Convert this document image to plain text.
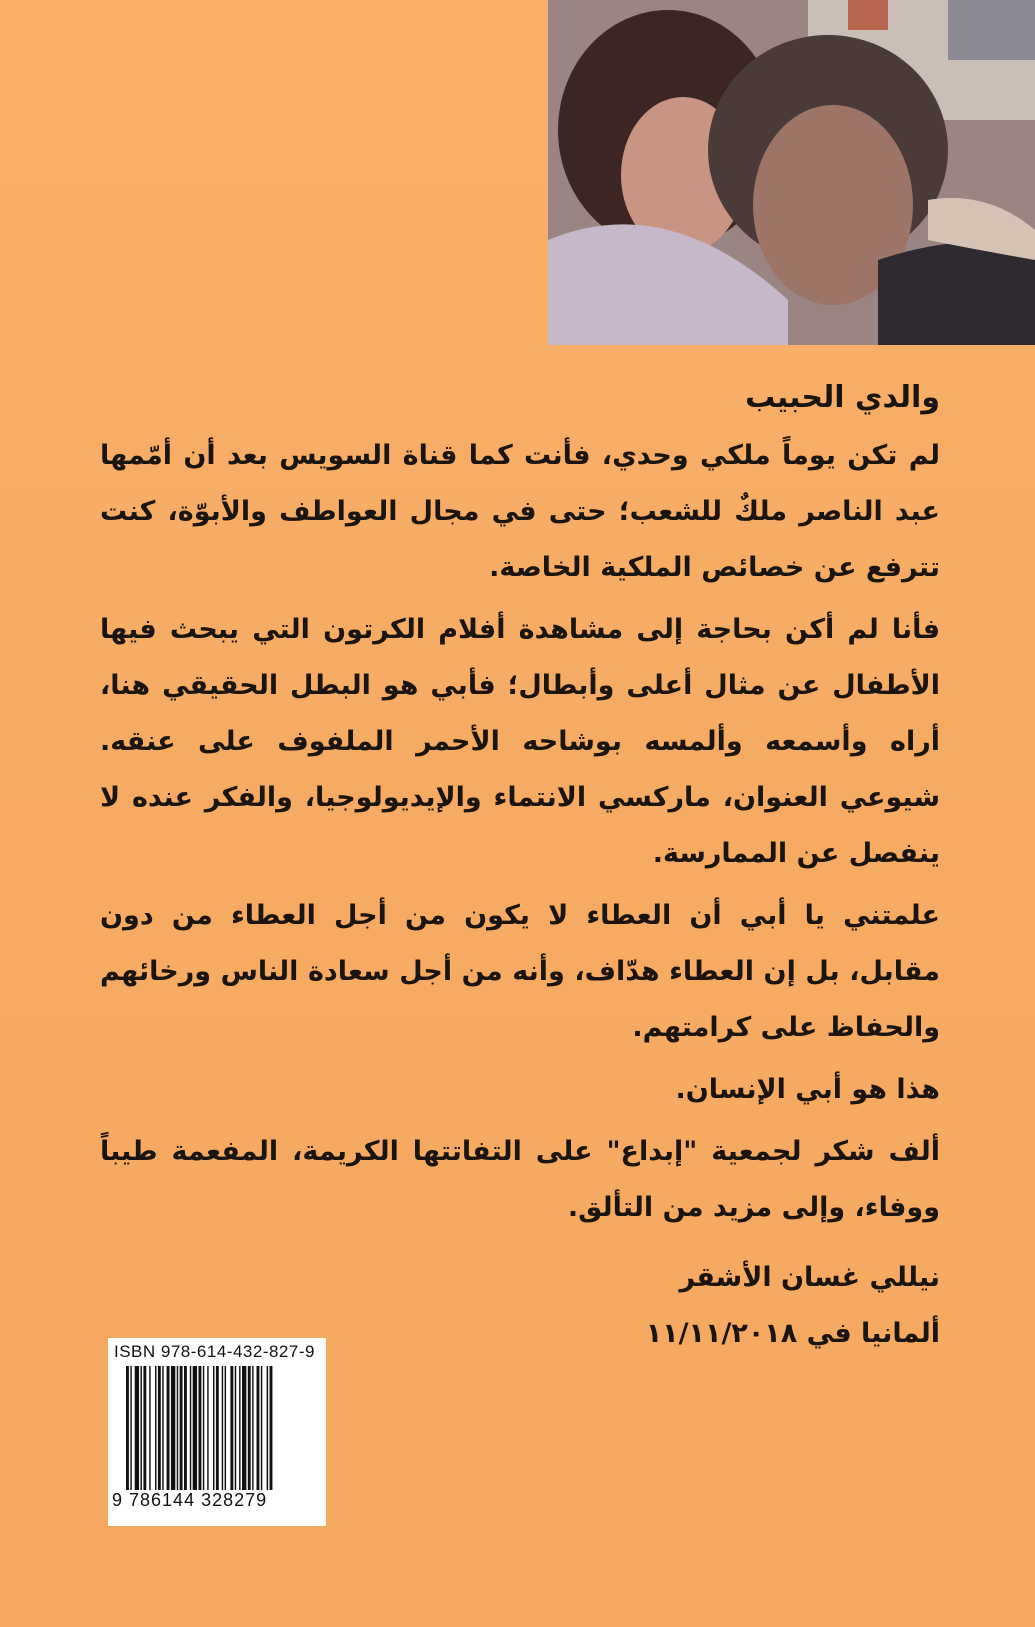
والدي الحبيب

لم تكن يوماً ملكي وحدي، فأنت كما قناة السويس بعد أن أمّمها عبد الناصر ملكٌ للشعب؛ حتى في مجال العواطف والأبوّة، كنت تترفع عن خصائص الملكية الخاصة.

فأنا لم أكن بحاجة إلى مشاهدة أفلام الكرتون التي يبحث فيها الأطفال عن مثال أعلى وأبطال؛ فأبي هو البطل الحقيقي هنا، أراه وأسمعه وألمسه بوشاحه الأحمر الملفوف على عنقه. شيوعي العنوان، ماركسي الانتماء والإيديولوجيا، والفكر عنده لا ينفصل عن الممارسة.

علمتني يا أبي أن العطاء لا يكون من أجل العطاء من دون مقابل، بل إن العطاء هدّاف، وأنه من أجل سعادة الناس ورخائهم والحفاظ على كرامتهم.

هذا هو أبي الإنسان.

ألف شكر لجمعية "إبداع" على التفاتتها الكريمة، المفعمة طيباً ووفاء، وإلى مزيد من التألق.

نيللي غسان الأشقر
ألمانيا في ١١/١١/٢٠١٨
ISBN 978-614-432-827-9
9 786144 328279
